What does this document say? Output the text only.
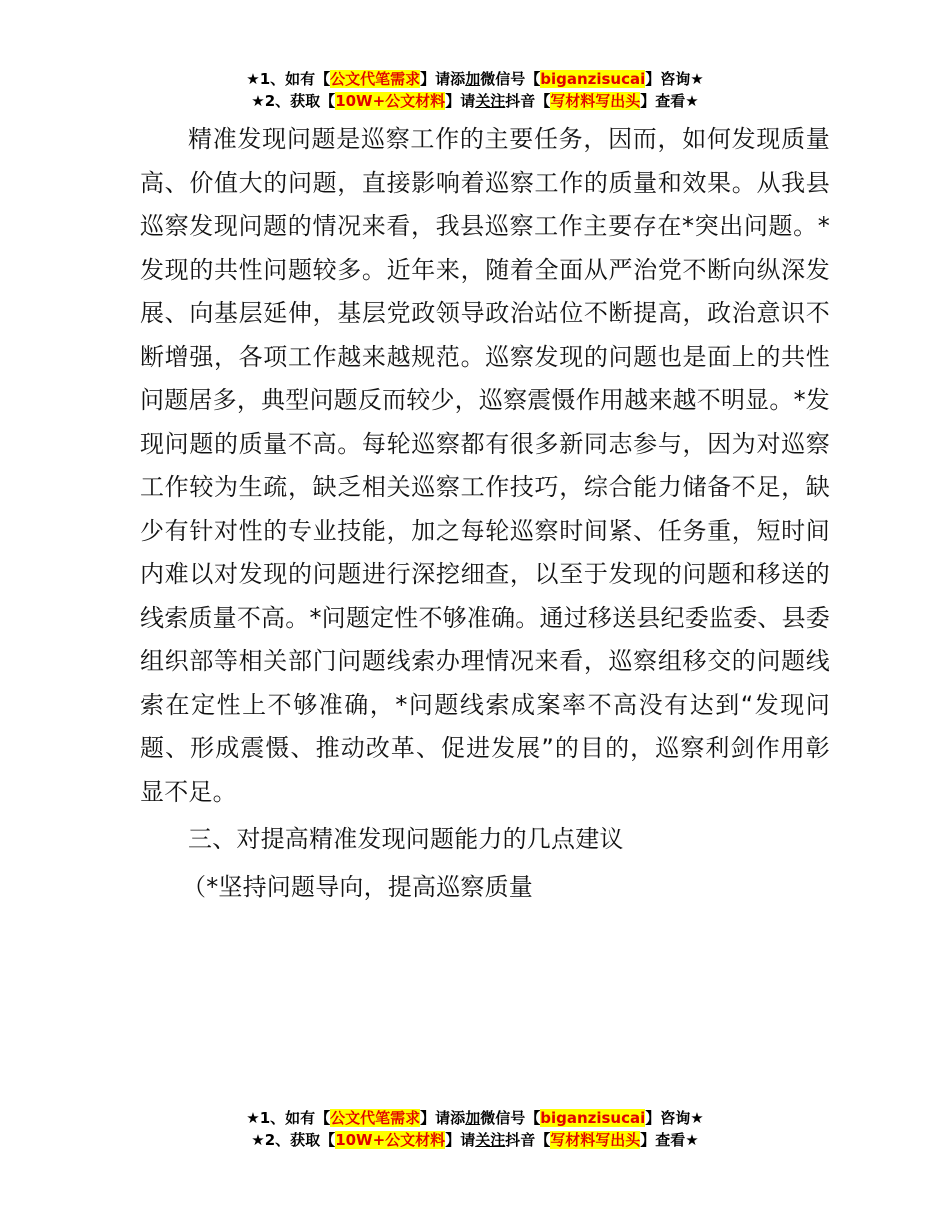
★1、如有【公文代笔需求】请添加微信号【biganzisucai】咨询★
★2、获取【10W+公文材料】请关注抖音【写材料写出头】查看★

精准发现问题是巡察工作的主要任务，因而，如何发现质量高、价值大的问题，直接影响着巡察工作的质量和效果。从我县巡察发现问题的情况来看，我县巡察工作主要存在*突出问题。*发现的共性问题较多。近年来，随着全面从严治党不断向纵深发展、向基层延伸，基层党政领导政治站位不断提高，政治意识不断增强，各项工作越来越规范。巡察发现的问题也是面上的共性问题居多，典型问题反而较少，巡察震慑作用越来越不明显。*发现问题的质量不高。每轮巡察都有很多新同志参与，因为对巡察工作较为生疏，缺乏相关巡察工作技巧，综合能力储备不足，缺少有针对性的专业技能，加之每轮巡察时间紧、任务重，短时间内难以对发现的问题进行深挖细查，以至于发现的问题和移送的线索质量不高。*问题定性不够准确。通过移送县纪委监委、县委组织部等相关部门问题线索办理情况来看，巡察组移交的问题线索在定性上不够准确，*问题线索成案率不高没有达到“发现问题、形成震慑、推动改革、促进发展”的目的，巡察利剑作用彰显不足。

三、对提高精准发现问题能力的几点建议

（*坚持问题导向，提高巡察质量

★1、如有【公文代笔需求】请添加微信号【biganzisucai】咨询★
★2、获取【10W+公文材料】请关注抖音【写材料写出头】查看★
